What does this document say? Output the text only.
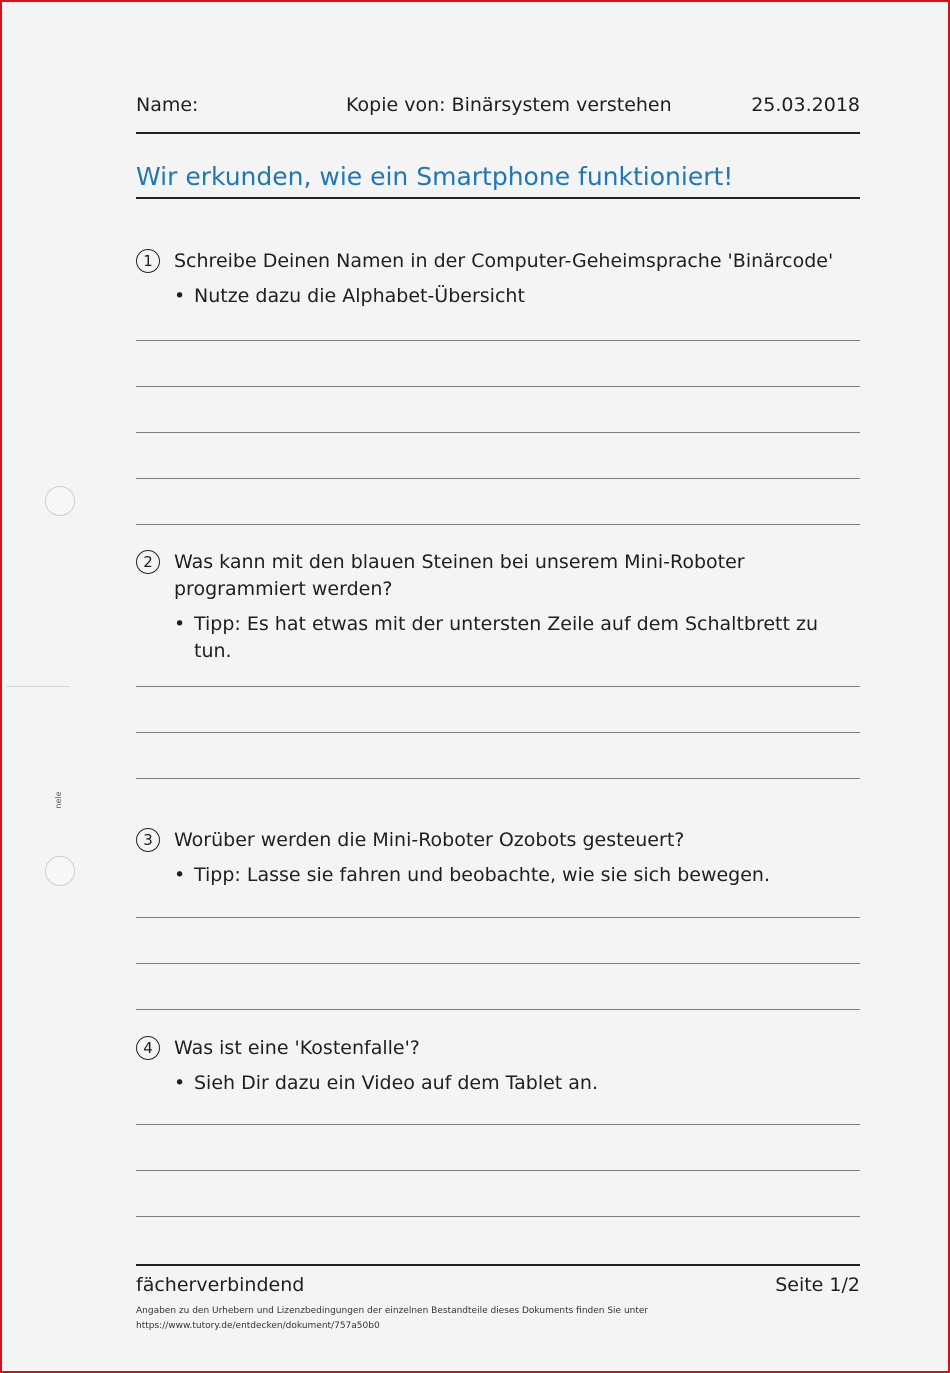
nele
Name:	Kopie von: Binärsystem verstehen	25.03.2018
Wir erkunden, wie ein Smartphone funktioniert!
1	Schreibe Deinen Namen in der Computer-Geheimsprache 'Binärcode'
• Nutze dazu die Alphabet-Übersicht
2	Was kann mit den blauen Steinen bei unserem Mini-Roboter programmiert werden?
• Tipp: Es hat etwas mit der untersten Zeile auf dem Schaltbrett zu tun.
3	Worüber werden die Mini-Roboter Ozobots gesteuert?
• Tipp: Lasse sie fahren und beobachte, wie sie sich bewegen.
4	Was ist eine 'Kostenfalle'?
• Sieh Dir dazu ein Video auf dem Tablet an.
fächerverbindend	Seite 1/2
Angaben zu den Urhebern und Lizenzbedingungen der einzelnen Bestandteile dieses Dokuments finden Sie unter
https://www.tutory.de/entdecken/dokument/757a50b0
